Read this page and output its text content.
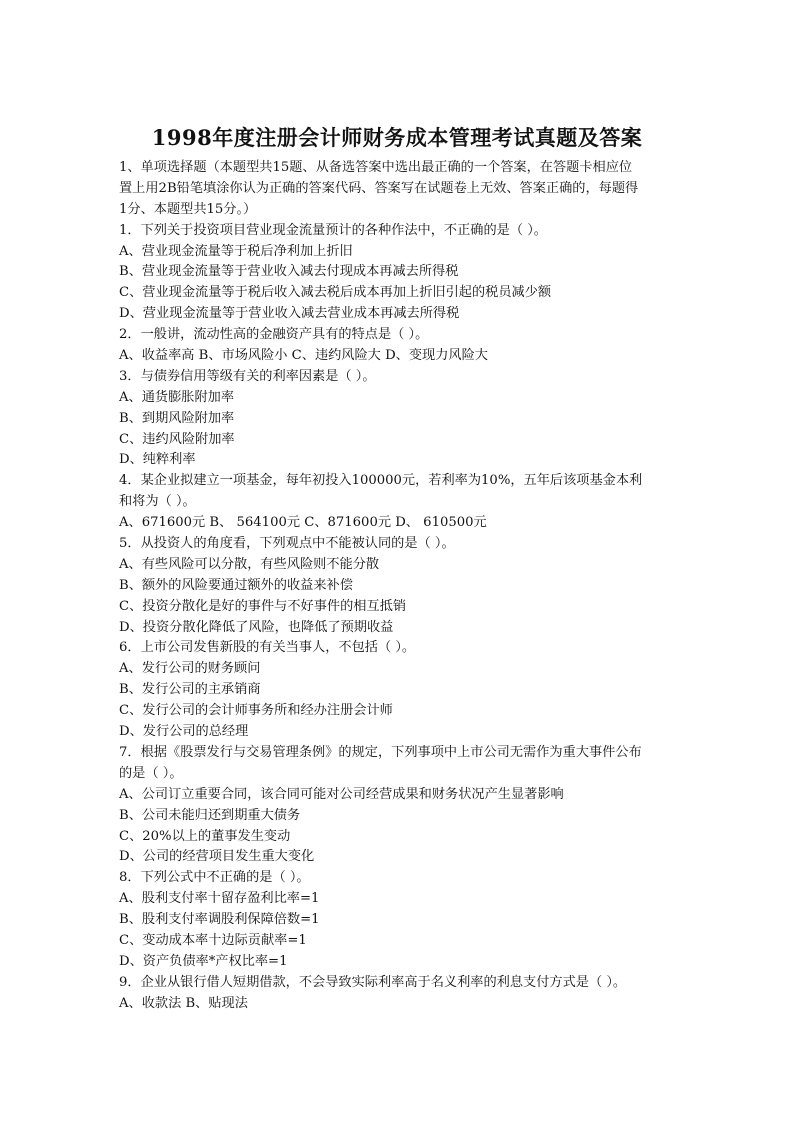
1998年度注册会计师财务成本管理考试真题及答案
1、单项选择题（本题型共15题、从备选答案中选出最正确的一个答案，在答题卡相应位
置上用2B铅笔填涂你认为正确的答案代码、答案写在试题卷上无效、答案正确的，每题得
1分、本题型共15分。）
1．下列关于投资项目营业现金流量预计的各种作法中，不正确的是（ ）。
A、营业现金流量等于税后净利加上折旧
B、营业现金流量等于营业收入减去付现成本再减去所得税
C、营业现金流量等于税后收入减去税后成本再加上折旧引起的税员减少额
D、营业现金流量等于营业收入减去营业成本再减去所得税
2．一般讲，流动性高的金融资产具有的特点是（ ）。
A、收益率高 B、市场风险小 C、违约风险大 D、变现力风险大
3．与债券信用等级有关的利率因素是（ ）。
A、通货膨胀附加率
B、到期风险附加率
C、违约风险附加率
D、纯粹利率
4．某企业拟建立一项基金，每年初投入100000元，若利率为10%，五年后该项基金本利
和将为（ ）。
A、671600元 B、 564100元 C、871600元 D、 610500元
5．从投资人的角度看，下列观点中不能被认同的是（ ）。
A、有些风险可以分散，有些风险则不能分散
B、额外的风险要通过额外的收益来补偿
C、投资分散化是好的事件与不好事件的相互抵销
D、投资分散化降低了风险，也降低了预期收益
6．上市公司发售新股的有关当事人，不包括（ ）。
A、发行公司的财务顾问
B、发行公司的主承销商
C、发行公司的会计师事务所和经办注册会计师
D、发行公司的总经理
7．根据《股票发行与交易管理条例》的规定，下列事项中上市公司无需作为重大事件公布
的是（ ）。
A、公司订立重要合同，该合同可能对公司经营成果和财务状况产生显著影响
B、公司未能归还到期重大债务
C、20%以上的董事发生变动
D、公司的经营项目发生重大变化
8．下列公式中不正确的是（ ）。
A、股利支付率十留存盈利比率=1
B、股利支付率调股利保障倍数=1
C、变动成本率十边际贡献率=1
D、资产负债率*产权比率=1
9．企业从银行借人短期借款，不会导致实际利率高于名义利率的利息支付方式是（ ）。
A、收款法 B、贴现法
